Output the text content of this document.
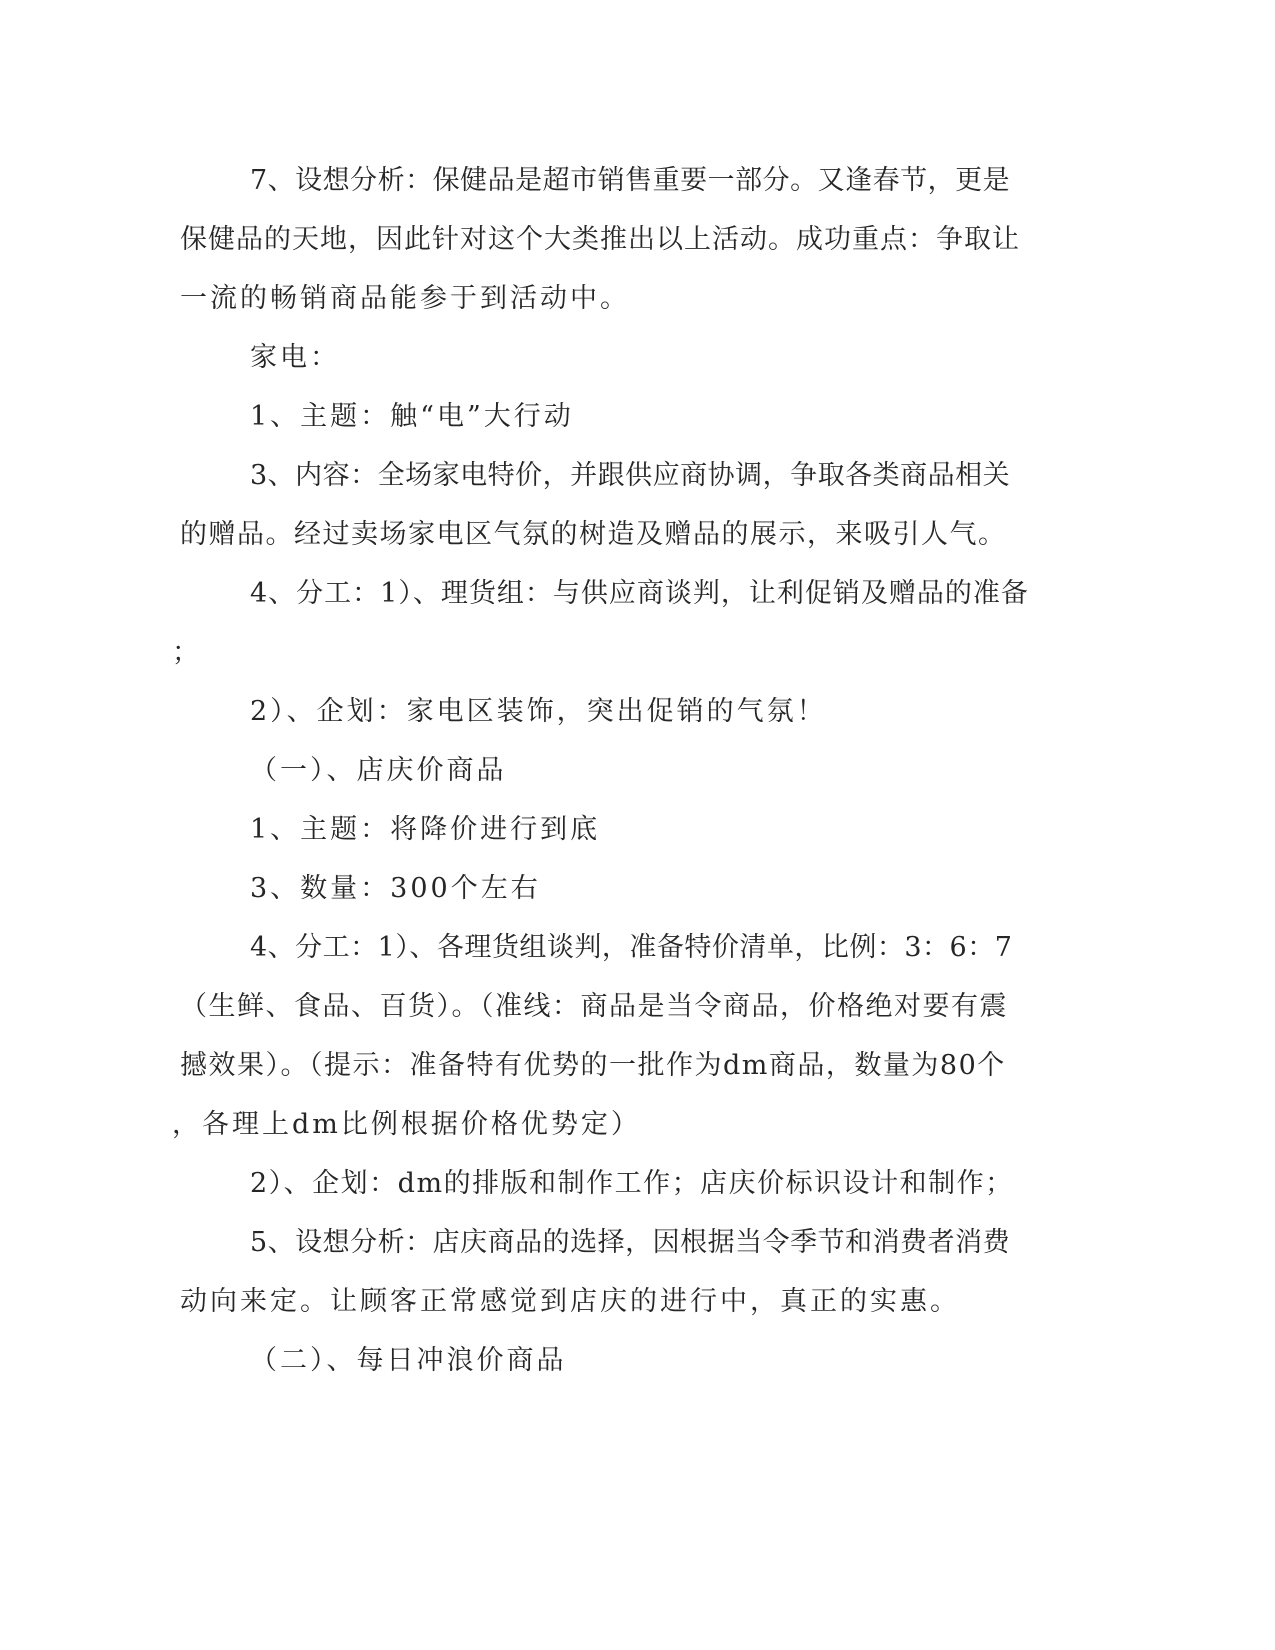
7、设想分析：保健品是超市销售重要一部分。又逢春节，更是
保健品的天地，因此针对这个大类推出以上活动。成功重点：争取让
一流的畅销商品能参于到活动中。
家电：
1、主题：触“电”大行动
3、内容：全场家电特价，并跟供应商协调，争取各类商品相关
的赠品。经过卖场家电区气氛的树造及赠品的展示，来吸引人气。
4、分工：1）、理货组：与供应商谈判，让利促销及赠品的准备
；
2）、企划：家电区装饰，突出促销的气氛！
（一）、店庆价商品
1、主题：将降价进行到底
3、数量：300个左右
4、分工：1）、各理货组谈判，准备特价清单，比例：3：6：7
（生鲜、食品、百货）。（准线：商品是当令商品，价格绝对要有震
撼效果）。（提示：准备特有优势的一批作为dm商品，数量为80个
，各理上dm比例根据价格优势定）
2）、企划：dm的排版和制作工作；店庆价标识设计和制作；
5、设想分析：店庆商品的选择，因根据当令季节和消费者消费
动向来定。让顾客正常感觉到店庆的进行中，真正的实惠。
（二）、每日冲浪价商品
